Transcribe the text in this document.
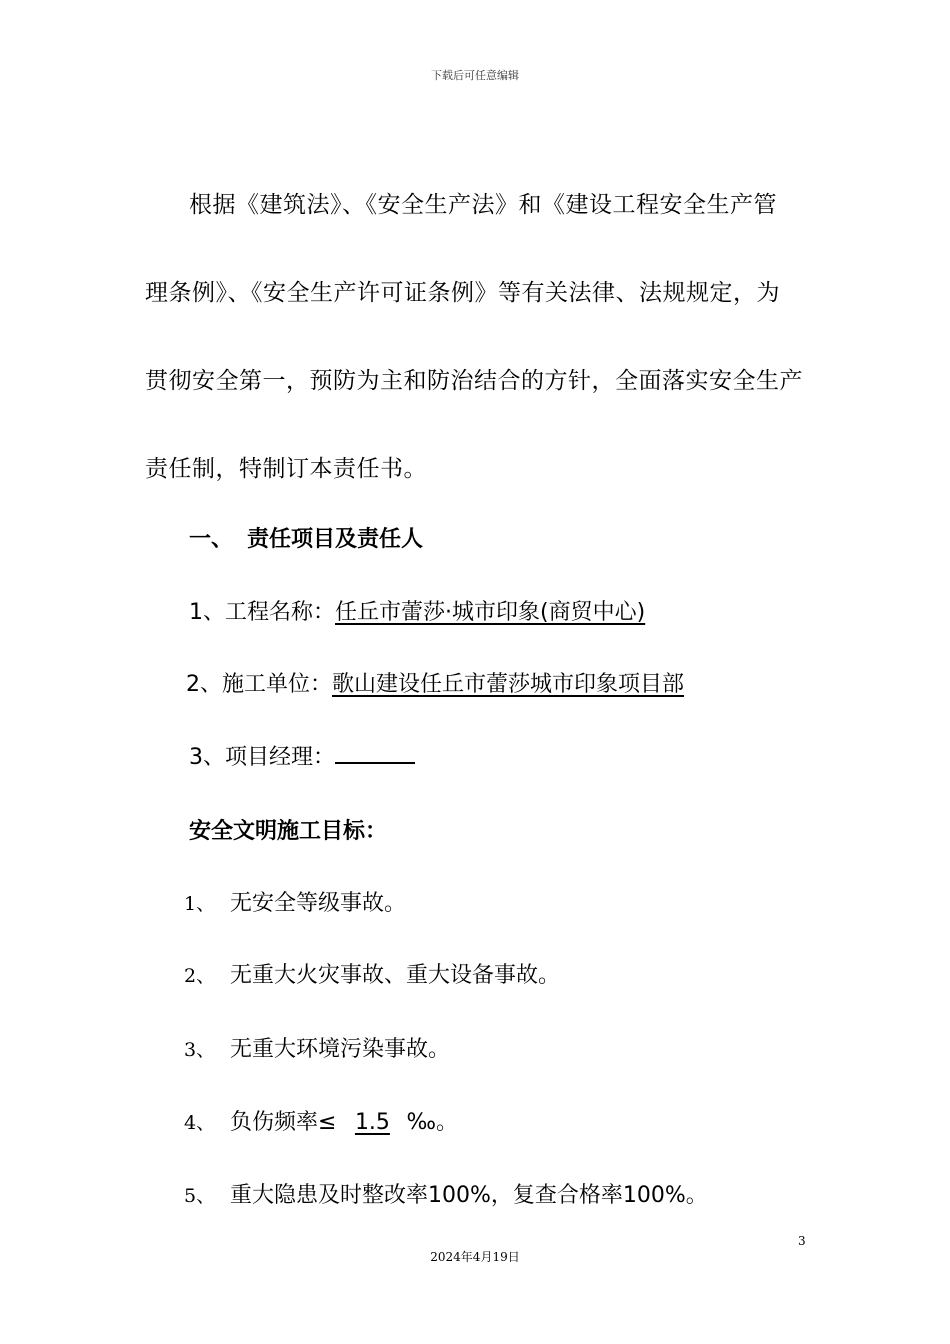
下载后可任意编辑
根据《建筑法》、《安全生产法》和《建设工程安全生产管
理条例》、《安全生产许可证条例》等有关法律、法规规定，为
贯彻安全第一，预防为主和防治结合的方针，全面落实安全生产
责任制，特制订本责任书。
一、 责任项目及责任人
1、工程名称：任丘市蕾莎·城市印象(商贸中心)
2、施工单位：歌山建设任丘市蕾莎城市印象项目部
3、项目经理：
安全文明施工目标：
1、 无安全等级事故。
2、 无重大火灾事故、重大设备事故。
3、 无重大环境污染事故。
4、 负伤频率≤ 1.5 ‰。
5、 重大隐患及时整改率100%，复查合格率100%。
3
2024年4月19日
